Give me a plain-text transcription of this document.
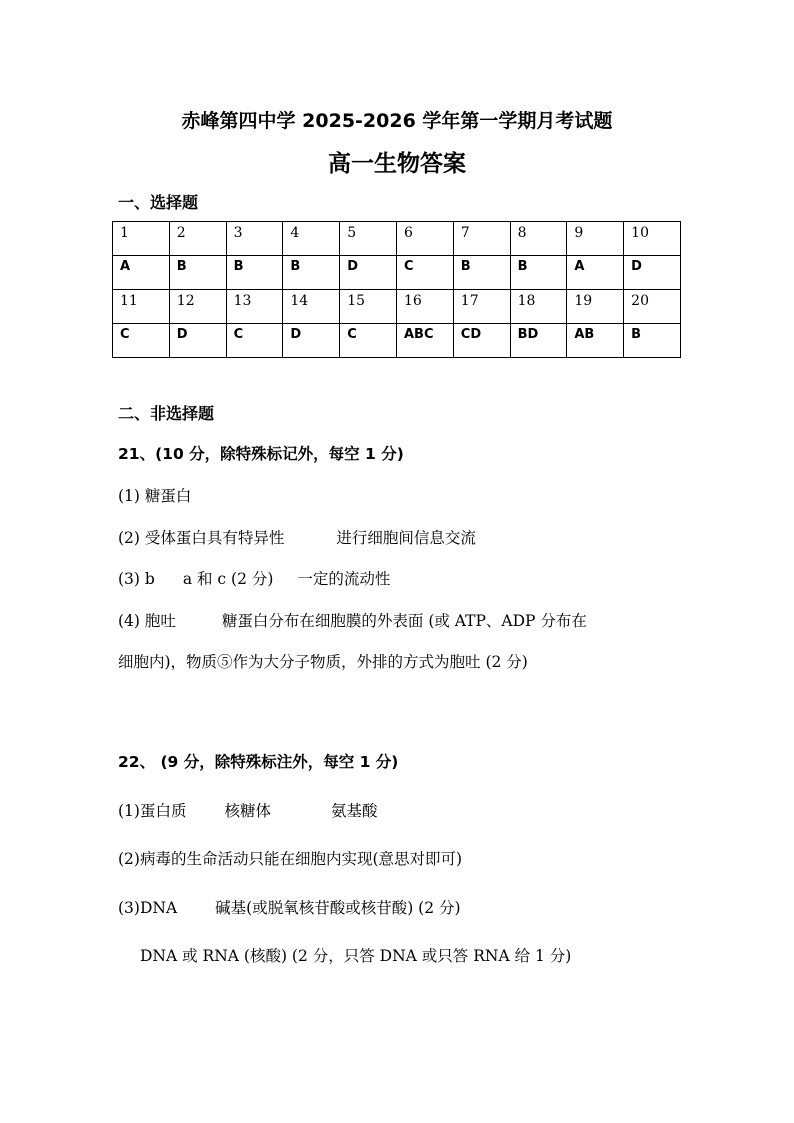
赤峰第四中学 2025-2026 学年第一学期月考试题
高一生物答案
一、选择题
1	2	3	4	5	6	7	8	9	10
A	B	B	B	D	C	B	B	A	D
11	12	13	14	15	16	17	18	19	20
C	D	C	D	C	ABC	CD	BD	AB	B
二、非选择题
21、(10 分，除特殊标记外，每空 1 分)
(1) 糖蛋白
(2) 受体蛋白具有特异性	进行细胞间信息交流
(3) b a 和 c (2 分) 一定的流动性
(4) 胞吐	糖蛋白分布在细胞膜的外表面 (或 ATP、ADP 分布在
细胞内)，物质⑤作为大分子物质，外排的方式为胞吐 (2 分)
22、 (9 分，除特殊标注外，每空 1 分)
(1)蛋白质 核糖体	氨基酸
(2)病毒的生命活动只能在细胞内实现(意思对即可)
(3)DNA 碱基(或脱氧核苷酸或核苷酸) (2 分)
DNA 或 RNA (核酸) (2 分，只答 DNA 或只答 RNA 给 1 分)
